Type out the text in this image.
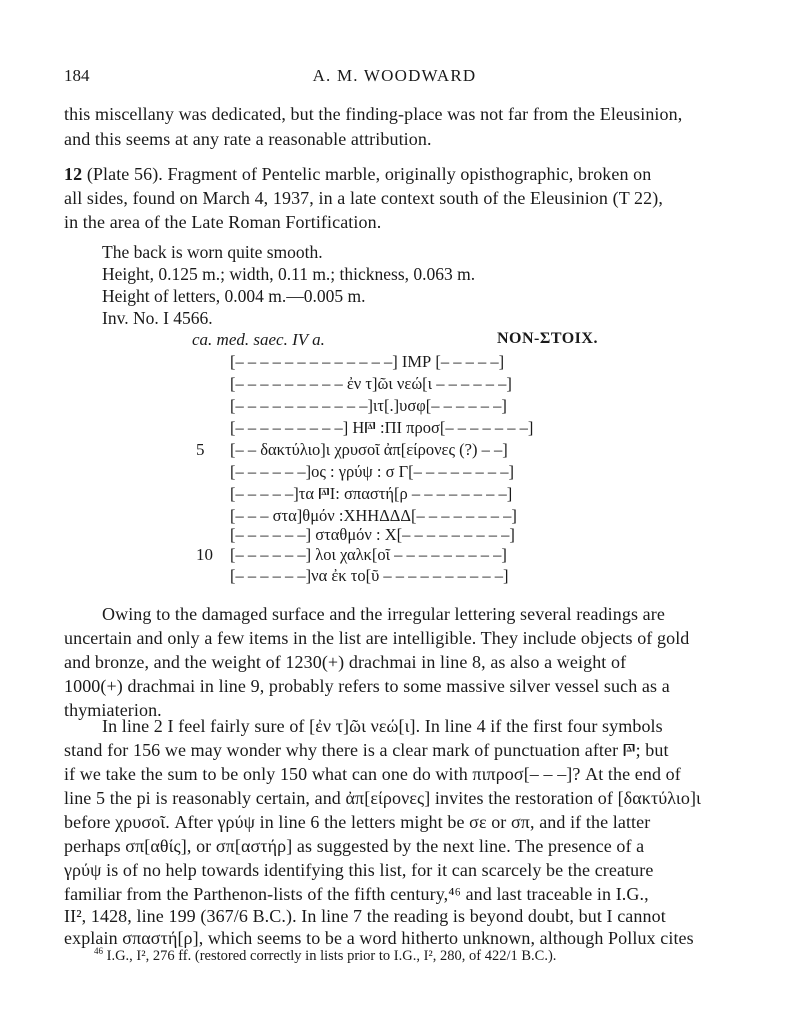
184	A. M. WOODWARD
this miscellany was dedicated, but the finding-place was not far from the Eleusinion,
and this seems at any rate a reasonable attribution.
12 (Plate 56). Fragment of Pentelic marble, originally opisthographic, broken on
all sides, found on March 4, 1937, in a late context south of the Eleusinion (T 22),
in the area of the Late Roman Fortification.
The back is worn quite smooth.
Height, 0.125 m.; width, 0.11 m.; thickness, 0.063 m.
Height of letters, 0.004 m.—0.005 m.
Inv. No. I 4566.
ca. med. saec. IV a.	NON-ΣΤΟΙΧ.
5
10
[– – – – – – – – – – – – –] IMΡ [– – – – –]
[– – – – – – – – – ἐν τ]ῶι νεώ[ι – – – – – –]
[– – – – – – – – – – –]ιτ[.]υσφ[– – – – – –]
[– – – – – – – – –] Η𐅄 :ΠΙ πρoσ[– – – – – – –]
[– – δακτύλιo]ι χρυσoῖ ἀπ[είρoνες (?) – –]
[– – – – – –]oς : γρύψ : σ Γ[– – – – – – – –]
[– – – – –]τα 𐅄Ι: σπαστή[ρ – – – – – – – –]
[– – – στα]θμόν :ΧΗΗΔΔΔ[– – – – – – – –]
[– – – – – –] σταθμόν : Χ[– – – – – – – – –]
[– – – – – –] λoι χαλκ[oῖ – – – – – – – – –]
[– – – – – –]να ἐκ τo[ῦ – – – – – – – – – –]
Owing to the damaged surface and the irregular lettering several readings are
uncertain and only a few items in the list are intelligible. They include objects of gold
and bronze, and the weight of 1230(+) drachmai in line 8, as also a weight of
1000(+) drachmai in line 9, probably refers to some massive silver vessel such as a
thymiaterion.
In line 2 I feel fairly sure of [ἐν τ]ῶι νεώ[ι]. In line 4 if the first four symbols
stand for 156 we may wonder why there is a clear mark of punctuation after 𐅄; but
if we take the sum to be only 150 what can one do with πιπρoσ[– – –]? At the end of
line 5 the pi is reasonably certain, and ἀπ[είρoνες] invites the restoration of [δακτύλιo]ι
before χρυσoῖ. After γρύψ in line 6 the letters might be σε or σπ, and if the latter
perhaps σπ[αθίς], or σπ[αστήρ] as suggested by the next line. The presence of a
γρύψ is of no help towards identifying this list, for it can scarcely be the creature
familiar from the Parthenon-lists of the fifth century,⁴⁶ and last traceable in I.G.,
II², 1428, line 199 (367/6 B.C.). In line 7 the reading is beyond doubt, but I cannot
explain σπαστή[ρ], which seems to be a word hitherto unknown, although Pollux cites
$^{46}$ I.G., I², 276 ff. (restored correctly in lists prior to I.G., I², 280, of 422/1 B.C.).
